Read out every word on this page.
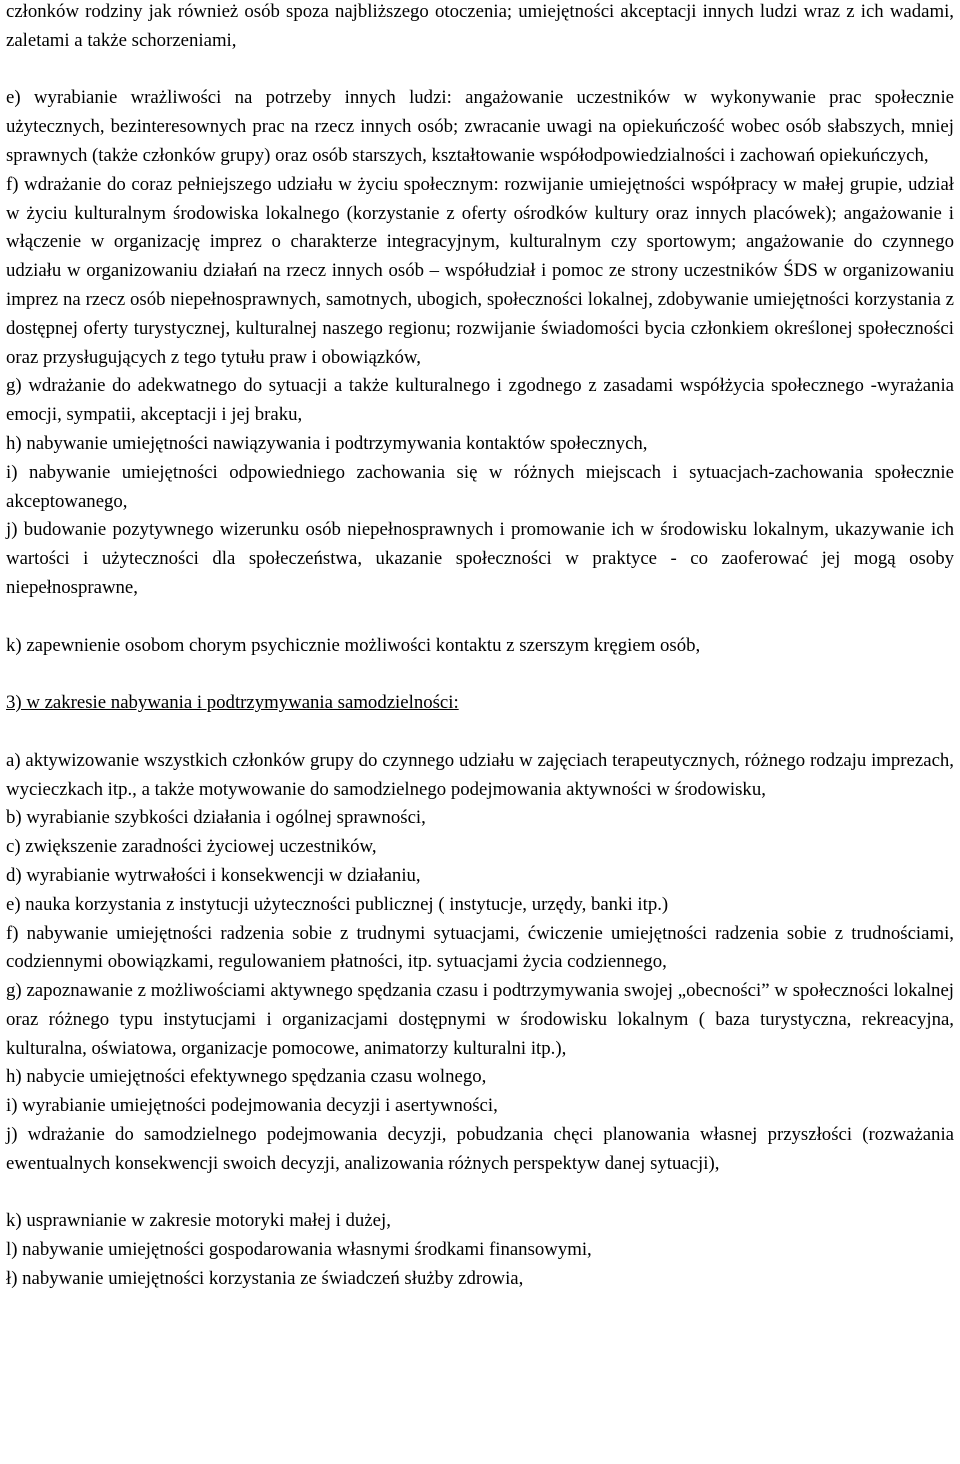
członków rodziny jak również osób spoza najbliższego otoczenia; umiejętności akceptacji innych ludzi wraz z ich wadami, zaletami a także schorzeniami,

e) wyrabianie wrażliwości na potrzeby innych ludzi: angażowanie uczestników w wykonywanie prac społecznie użytecznych, bezinteresownych prac na rzecz innych osób; zwracanie uwagi na opiekuńczość wobec osób słabszych, mniej sprawnych (także członków grupy) oraz osób starszych, kształtowanie współodpowiedzialności i zachowań opiekuńczych,

f) wdrażanie do coraz pełniejszego udziału w życiu społecznym: rozwijanie umiejętności współpracy w małej grupie, udział w życiu kulturalnym środowiska lokalnego (korzystanie z oferty ośrodków kultury oraz innych placówek); angażowanie i włączenie w organizację imprez o charakterze integracyjnym, kulturalnym czy sportowym; angażowanie do czynnego udziału w organizowaniu działań na rzecz innych osób – współudział i pomoc ze strony uczestników ŚDS w organizowaniu imprez na rzecz osób niepełnosprawnych, samotnych, ubogich, społeczności lokalnej, zdobywanie umiejętności korzystania z dostępnej oferty turystycznej, kulturalnej naszego regionu; rozwijanie świadomości bycia członkiem określonej społeczności oraz przysługujących z tego tytułu praw i obowiązków,

g) wdrażanie do adekwatnego do sytuacji a także kulturalnego i zgodnego z zasadami współżycia społecznego -wyrażania emocji, sympatii, akceptacji i jej braku,

h) nabywanie umiejętności nawiązywania i podtrzymywania kontaktów społecznych,

i) nabywanie umiejętności odpowiedniego zachowania się w różnych miejscach i sytuacjach-zachowania społecznie akceptowanego,

j) budowanie pozytywnego wizerunku osób niepełnosprawnych i promowanie ich w środowisku lokalnym, ukazywanie ich wartości i użyteczności dla społeczeństwa, ukazanie społeczności w praktyce - co zaoferować jej mogą osoby niepełnosprawne,

k) zapewnienie osobom chorym psychicznie możliwości kontaktu z szerszym kręgiem osób,

3) w zakresie nabywania i podtrzymywania samodzielności:

a) aktywizowanie wszystkich członków grupy do czynnego udziału w zajęciach terapeutycznych, różnego rodzaju imprezach, wycieczkach itp., a także motywowanie do samodzielnego podejmowania aktywności w środowisku,

b) wyrabianie szybkości działania i ogólnej sprawności,

c) zwiększenie zaradności życiowej uczestników,

d) wyrabianie wytrwałości i konsekwencji w działaniu,

e) nauka korzystania z instytucji użyteczności publicznej ( instytucje, urzędy, banki itp.)

f) nabywanie umiejętności radzenia sobie z trudnymi sytuacjami, ćwiczenie umiejętności radzenia sobie z trudnościami, codziennymi obowiązkami, regulowaniem płatności, itp. sytuacjami życia codziennego,

g) zapoznawanie z możliwościami aktywnego spędzania czasu i podtrzymywania swojej „obecności” w społeczności lokalnej oraz różnego typu instytucjami i organizacjami dostępnymi w środowisku lokalnym ( baza turystyczna, rekreacyjna, kulturalna, oświatowa, organizacje pomocowe, animatorzy kulturalni itp.),

h) nabycie umiejętności efektywnego spędzania czasu wolnego,

i) wyrabianie umiejętności podejmowania decyzji i asertywności,

j) wdrażanie do samodzielnego podejmowania decyzji, pobudzania chęci planowania własnej przyszłości (rozważania ewentualnych konsekwencji swoich decyzji, analizowania różnych perspektyw danej sytuacji),

k) usprawnianie w zakresie motoryki małej i dużej,

l) nabywanie umiejętności gospodarowania własnymi środkami finansowymi,

ł) nabywanie umiejętności korzystania ze świadczeń służby zdrowia,
